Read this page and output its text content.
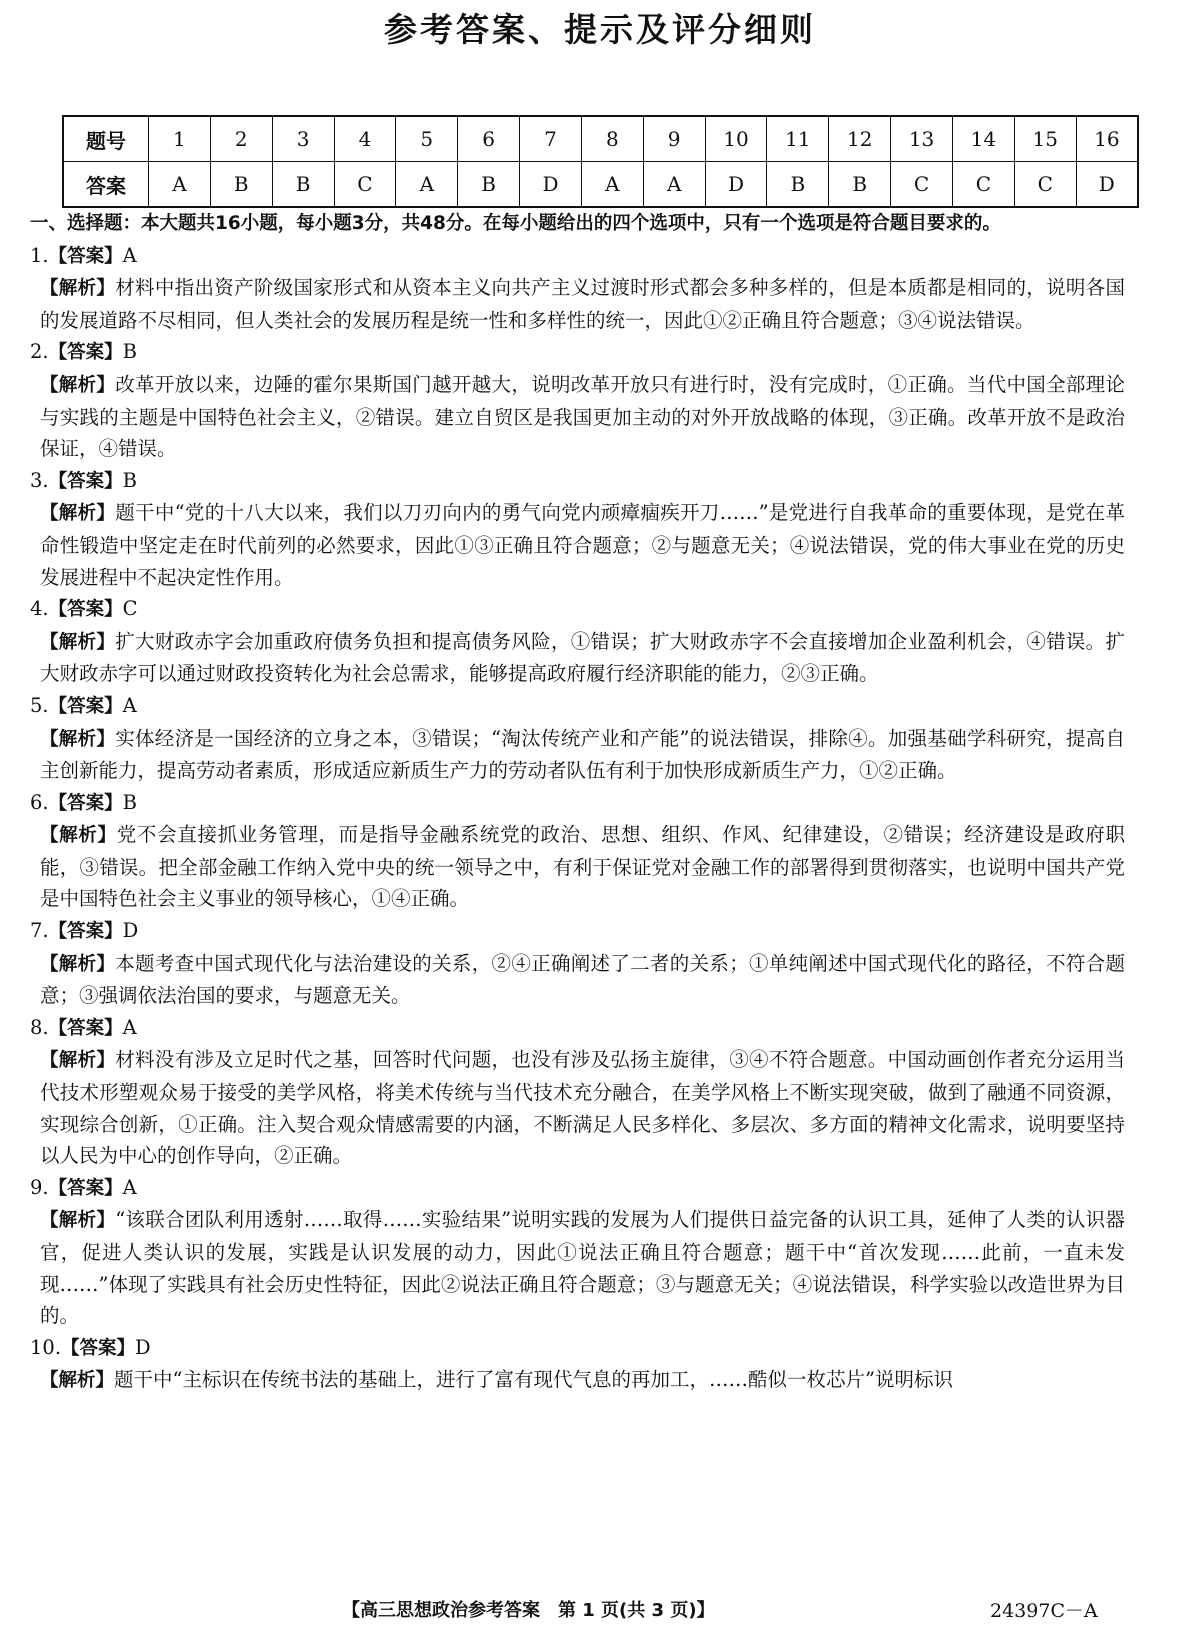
参考答案、提示及评分细则
题号	1	2	3	4	5	6	7	8	9	10	11	12	13	14	15	16
答案	A	B	B	C	A	B	D	A	A	D	B	B	C	C	C	D
一、选择题：本大题共16小题，每小题3分，共48分。在每小题给出的四个选项中，只有一个选项是符合题目要求的。
1.【答案】A
【解析】材料中指出资产阶级国家形式和从资本主义向共产主义过渡时形式都会多种多样的，但是本质都是相同的，说明各国的发展道路不尽相同，但人类社会的发展历程是统一性和多样性的统一，因此①②正确且符合题意；③④说法错误。
2.【答案】B
【解析】改革开放以来，边陲的霍尔果斯国门越开越大，说明改革开放只有进行时，没有完成时，①正确。当代中国全部理论与实践的主题是中国特色社会主义，②错误。建立自贸区是我国更加主动的对外开放战略的体现，③正确。改革开放不是政治保证，④错误。
3.【答案】B
【解析】题干中“党的十八大以来，我们以刀刃向内的勇气向党内顽瘴痼疾开刀……”是党进行自我革命的重要体现，是党在革命性锻造中坚定走在时代前列的必然要求，因此①③正确且符合题意；②与题意无关；④说法错误，党的伟大事业在党的历史发展进程中不起决定性作用。
4.【答案】C
【解析】扩大财政赤字会加重政府债务负担和提高债务风险，①错误；扩大财政赤字不会直接增加企业盈利机会，④错误。扩大财政赤字可以通过财政投资转化为社会总需求，能够提高政府履行经济职能的能力，②③正确。
5.【答案】A
【解析】实体经济是一国经济的立身之本，③错误；“淘汰传统产业和产能”的说法错误，排除④。加强基础学科研究，提高自主创新能力，提高劳动者素质，形成适应新质生产力的劳动者队伍有利于加快形成新质生产力，①②正确。
6.【答案】B
【解析】党不会直接抓业务管理，而是指导金融系统党的政治、思想、组织、作风、纪律建设，②错误；经济建设是政府职能，③错误。把全部金融工作纳入党中央的统一领导之中，有利于保证党对金融工作的部署得到贯彻落实，也说明中国共产党是中国特色社会主义事业的领导核心，①④正确。
7.【答案】D
【解析】本题考查中国式现代化与法治建设的关系，②④正确阐述了二者的关系；①单纯阐述中国式现代化的路径，不符合题意；③强调依法治国的要求，与题意无关。
8.【答案】A
【解析】材料没有涉及立足时代之基，回答时代问题，也没有涉及弘扬主旋律，③④不符合题意。中国动画创作者充分运用当代技术形塑观众易于接受的美学风格，将美术传统与当代技术充分融合，在美学风格上不断实现突破，做到了融通不同资源，实现综合创新，①正确。注入契合观众情感需要的内涵，不断满足人民多样化、多层次、多方面的精神文化需求，说明要坚持以人民为中心的创作导向，②正确。
9.【答案】A
【解析】“该联合团队利用透射……取得……实验结果”说明实践的发展为人们提供日益完备的认识工具，延伸了人类的认识器官，促进人类认识的发展，实践是认识发展的动力，因此①说法正确且符合题意；题干中“首次发现……此前，一直未发现……”体现了实践具有社会历史性特征，因此②说法正确且符合题意；③与题意无关；④说法错误，科学实验以改造世界为目的。
10.【答案】D
【解析】题干中“主标识在传统书法的基础上，进行了富有现代气息的再加工，……酷似一枚芯片”说明标识
【高三思想政治参考答案　第 1 页(共 3 页)】	24397C－A
